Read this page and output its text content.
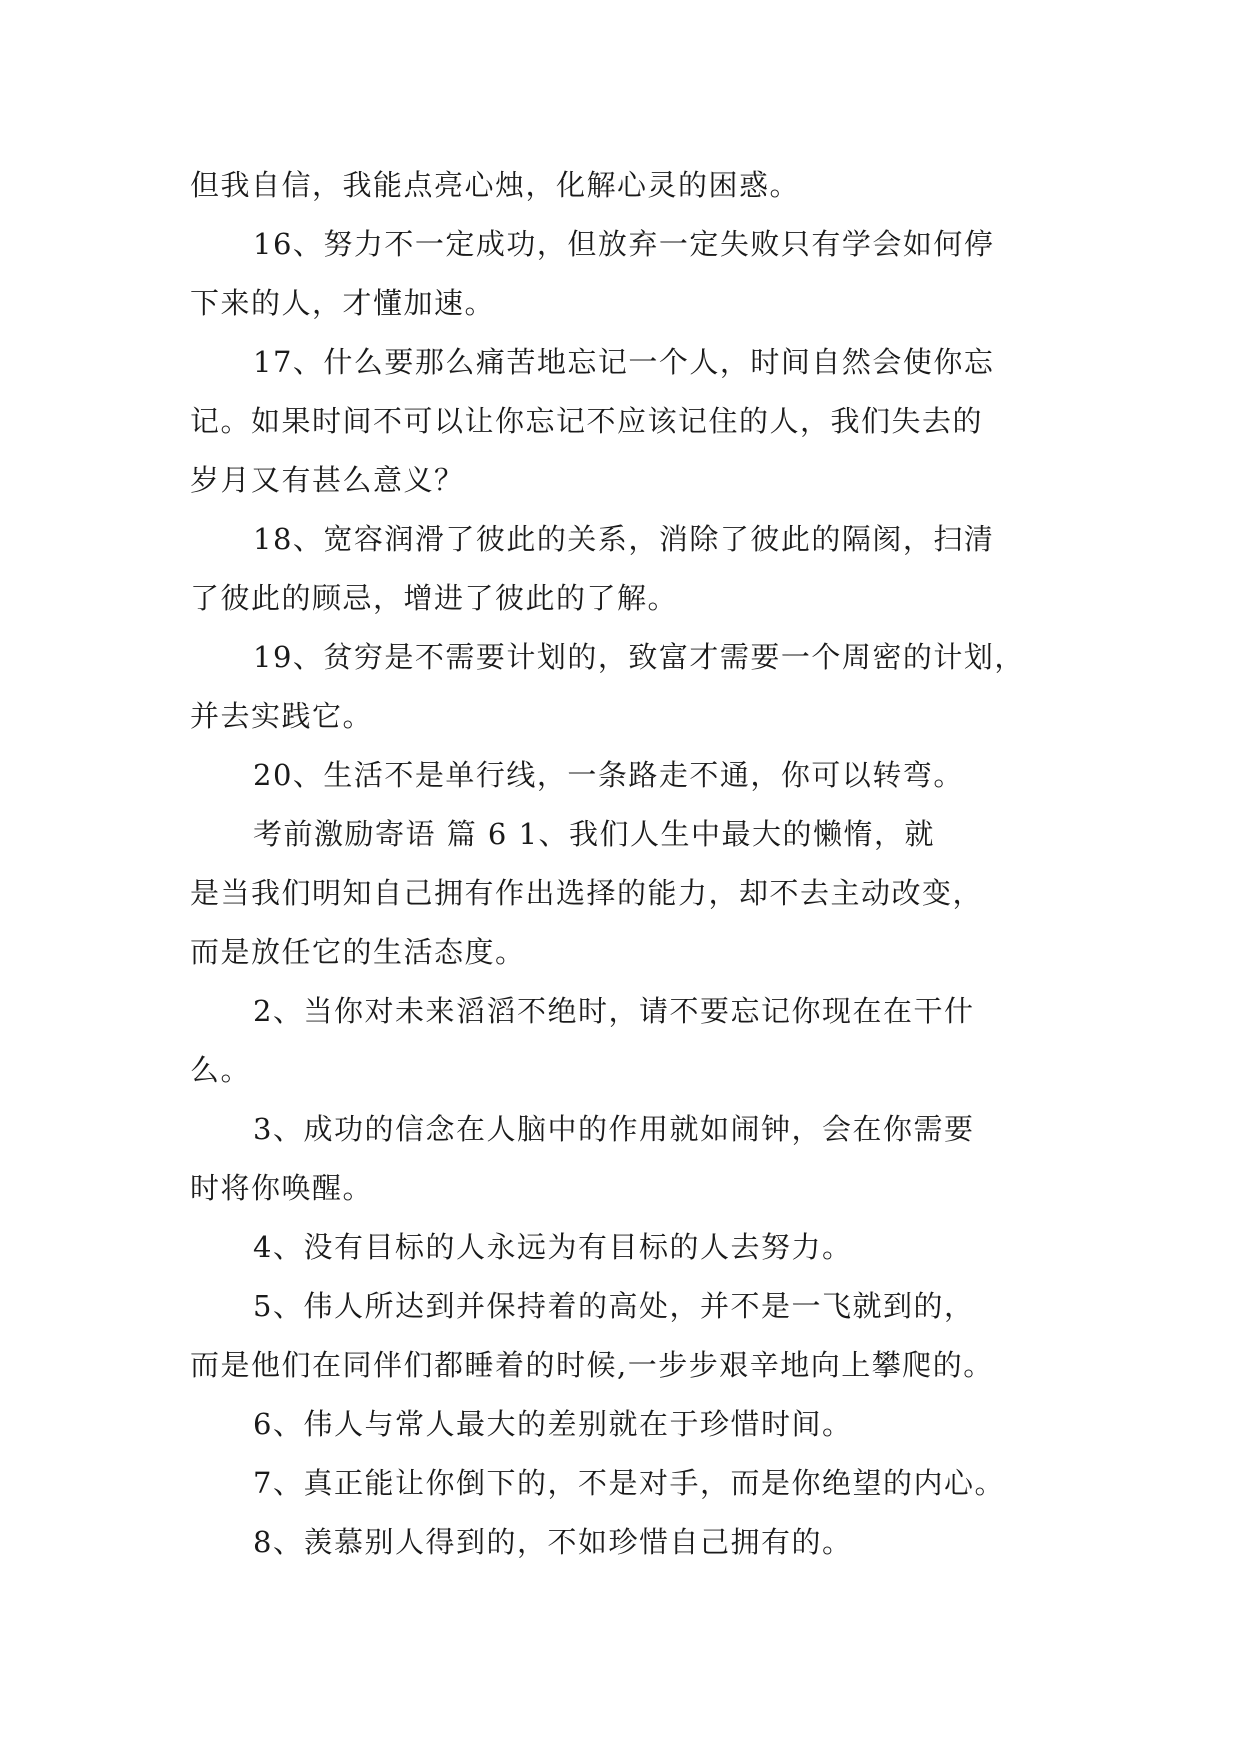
但我自信，我能点亮心烛，化解心灵的困惑。

16、努力不一定成功，但放弃一定失败只有学会如何停

下来的人，才懂加速。

17、什么要那么痛苦地忘记一个人，时间自然会使你忘

记。如果时间不可以让你忘记不应该记住的人，我们失去的

岁月又有甚么意义？

18、宽容润滑了彼此的关系，消除了彼此的隔阂，扫清

了彼此的顾忌，增进了彼此的了解。

19、贫穷是不需要计划的，致富才需要一个周密的计划，

并去实践它。

20、生活不是单行线，一条路走不通，你可以转弯。

考前激励寄语 篇 6 1、我们人生中最大的懒惰，就

是当我们明知自己拥有作出选择的能力，却不去主动改变，

而是放任它的生活态度。

2、当你对未来滔滔不绝时，请不要忘记你现在在干什

么。

3、成功的信念在人脑中的作用就如闹钟，会在你需要

时将你唤醒。

4、没有目标的人永远为有目标的人去努力。

5、伟人所达到并保持着的高处，并不是一飞就到的，

而是他们在同伴们都睡着的时候,一步步艰辛地向上攀爬的。

6、伟人与常人最大的差别就在于珍惜时间。

7、真正能让你倒下的，不是对手，而是你绝望的内心。

8、羡慕别人得到的，不如珍惜自己拥有的。
